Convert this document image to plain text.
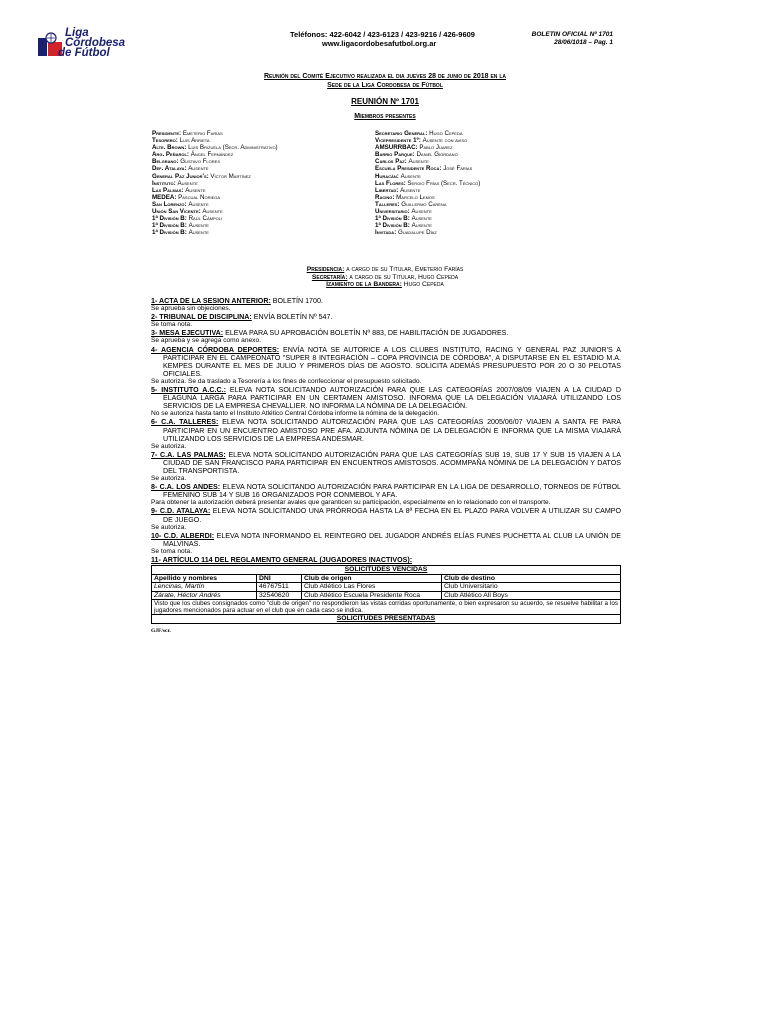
Liga
Cordobesa
de Fútbol
Teléfonos: 422-6042 / 423-6123 / 423-9216 / 426-9609
www.ligacordobesafutbol.org.ar
BOLETIN OFICIAL Nº 1701
28/06/1018 – Pag. 1
Reunión del Comité Ejecutivo realizada el dia jueves 28 de junio de 2018 en la
Sede de la Liga Cordobesa de Fútbol
REUNIÓN Nº 1701
Miembros presentes
Presidente: Emeterio Farías
Tesorero: Luis Arrieta
Alte. Brown: Luis Brizuela (Secr. Administrativo)
Arg. Peñarol: Ángel Fernández
Belgrano: Gustavo Flores
Def. Atalaya: Ausente
General Paz Junior's: Víctor Martínez
Instituto: Ausente
Las Palmas: Ausente
MEDEA: Pascual Noriega
San Lorenzo: Ausente
Unión San Vicente: Ausente
1ª División B: Raúl Cámpoli
1ª División B: Ausente
1ª División B: Ausente
Secretario General: Hugo Cepeda
Vicepresidente 1º: Ausente con aviso
AMSURRBAC: Pablo Juarez
Barrio Parque: Daniel Giordano
Carlos Paz: Ausente
Escuela Presidente Roca: José Farías
Huracán: Ausente
Las Flores: Sergio Frías (Secr. Técnico)
Libertad: Ausente
Racing: Marcelo Lemos
Talleres: Guillermo Carena
Universitario: Ausente
1ª División B: Ausente
1ª División B: Ausente
Invitada: Guadalupe Díaz
Presidencia: a cargo de su Titular, Emeterio Farías
Secretaría: a cargo de su Titular, Hugo Cepeda
Izamiento de la Bandera: Hugo Cepeda

1- ACTA DE LA SESION ANTERIOR: BOLETÍN 1700.

Se aprueba sin objeciones.

2- TRIBUNAL DE DISCIPLINA: ENVÍA BOLETÍN Nº 547.

Se toma nota.

3- MESA EJECUTIVA: ELEVA PARA SU APROBACIÓN BOLETÍN Nº 883, DE HABILITACIÓN DE JUGADORES.

Se aprueba y se agrega como anexo.

4- AGENCIA CÓRDOBA DEPORTES: ENVÍA NOTA SE AUTORICE A LOS CLUBES INSTITUTO, RACING Y GENERAL PAZ JUNIOR'S A PARTICIPAR EN EL CAMPEONATO "SUPER 8 INTEGRACIÓN – COPA PROVINCIA DE CÓRDOBA", A DISPUTARSE EN EL ESTADIO M.A. KEMPES DURANTE EL MES DE JULIO Y PRIMEROS DÍAS DE AGOSTO. SOLICITA ADEMÁS PRESUPUESTO POR 20 O 30 PELOTAS OFICIALES.

Se autoriza. Se da traslado a Tesorería a los fines de confeccionar el presupuesto solicitado.

5- INSTITUTO A.C.C.: ELEVA NOTA SOLICITANDO AUTORIZACIÓN PARA QUE LAS CATEGORÍAS 2007/08/09 VIAJEN A LA CIUDAD D ELAGUNA LARGA PARA PARTICIPAR EN UN CERTAMEN AMISTOSO. INFORMA QUE LA DELEGACIÓN VIAJARÁ UTILIZANDO LOS SERVICIOS DE LA EMPRESA CHEVALLIER. NO INFORMA LA NÓMINA DE LA DELEGACIÓN.

No se autoriza hasta tanto el Instituto Atlético Central Córdoba informe la nómina de la delegación.

6- C.A. TALLERES: ELEVA NOTA SOLICITANDO AUTORIZACIÓN PARA QUE LAS CATEGORÍAS 2005/06/07 VIAJEN A SANTA FE PARA PARTICIPAR EN UN ENCUENTRO AMISTOSO PRE AFA. ADJUNTA NÓMINA DE LA DELEGACIÓN E INFORMA QUE LA MISMA VIAJARÁ UTILIZANDO LOS SERVICIOS DE LA EMPRESA ANDESMAR.

Se autoriza.

7- C.A. LAS PALMAS: ELEVA NOTA SOLICITANDO AUTORIZACIÓN PARA QUE LAS CATEGORÍAS SUB 19, SUB 17 Y SUB 15 VIAJEN A LA CIUDAD DE SAN FRANCISCO PARA PARTICIPAR EN ENCUENTROS AMISTOSOS. ACOMMPAÑA NÓMINA DE LA DELEGACIÓN Y DATOS DEL TRANSPORTISTA.

Se autoriza.

8- C.A. LOS ANDES: ELEVA NOTA SOLICITANDO AUTORIZACIÓN PARA PARTICIPAR EN LA LIGA DE DESARROLLO, TORNEOS DE FÚTBOL FEMENINO SUB 14 Y SUB 16 ORGANIZADOS POR CONMEBOL Y AFA.

Para obtener la autorización deberá presentar avales que garanticen su participación, especialmente en lo relacionado con el transporte.

9- C.D. ATALAYA: ELEVA NOTA SOLICITANDO UNA PRÓRROGA HASTA LA 8ª FECHA EN EL PLAZO PARA VOLVER A UTILIZAR SU CAMPO DE JUEGO.

Se autoriza.

10- C.D. ALBERDI: ELEVA NOTA INFORMANDO EL REINTEGRO DEL JUGADOR ANDRÉS ELÍAS FUNES PUCHETTA AL CLUB LA UNIÓN DE MALVINAS.

Se toma nota.

11- ARTÍCULO 114 DEL REGLAMENTO GENERAL (JUGADORES INACTIVOS):

SOLICITUDES VENCIDAS			
Apellido y nombres	DNI	Club de origen	Club de destino
Lencinas, Martín	46767511	Club Atlético Las Flores	Club Universitario
Zárate, Héctor Andrés	32540620	Club Atlético Escuela Presidente Roca	Club Atlético All Boys
Visto que los clubes consignados como "club de origen" no respondieron las vistas corridas oportunamente, o bien expresaron su acuerdo, se resuelve habilitar a los jugadores mencionados para actuar en el club que en cada caso se indica.			
SOLICITUDES PRESENTADAS			
GJF/scr.
